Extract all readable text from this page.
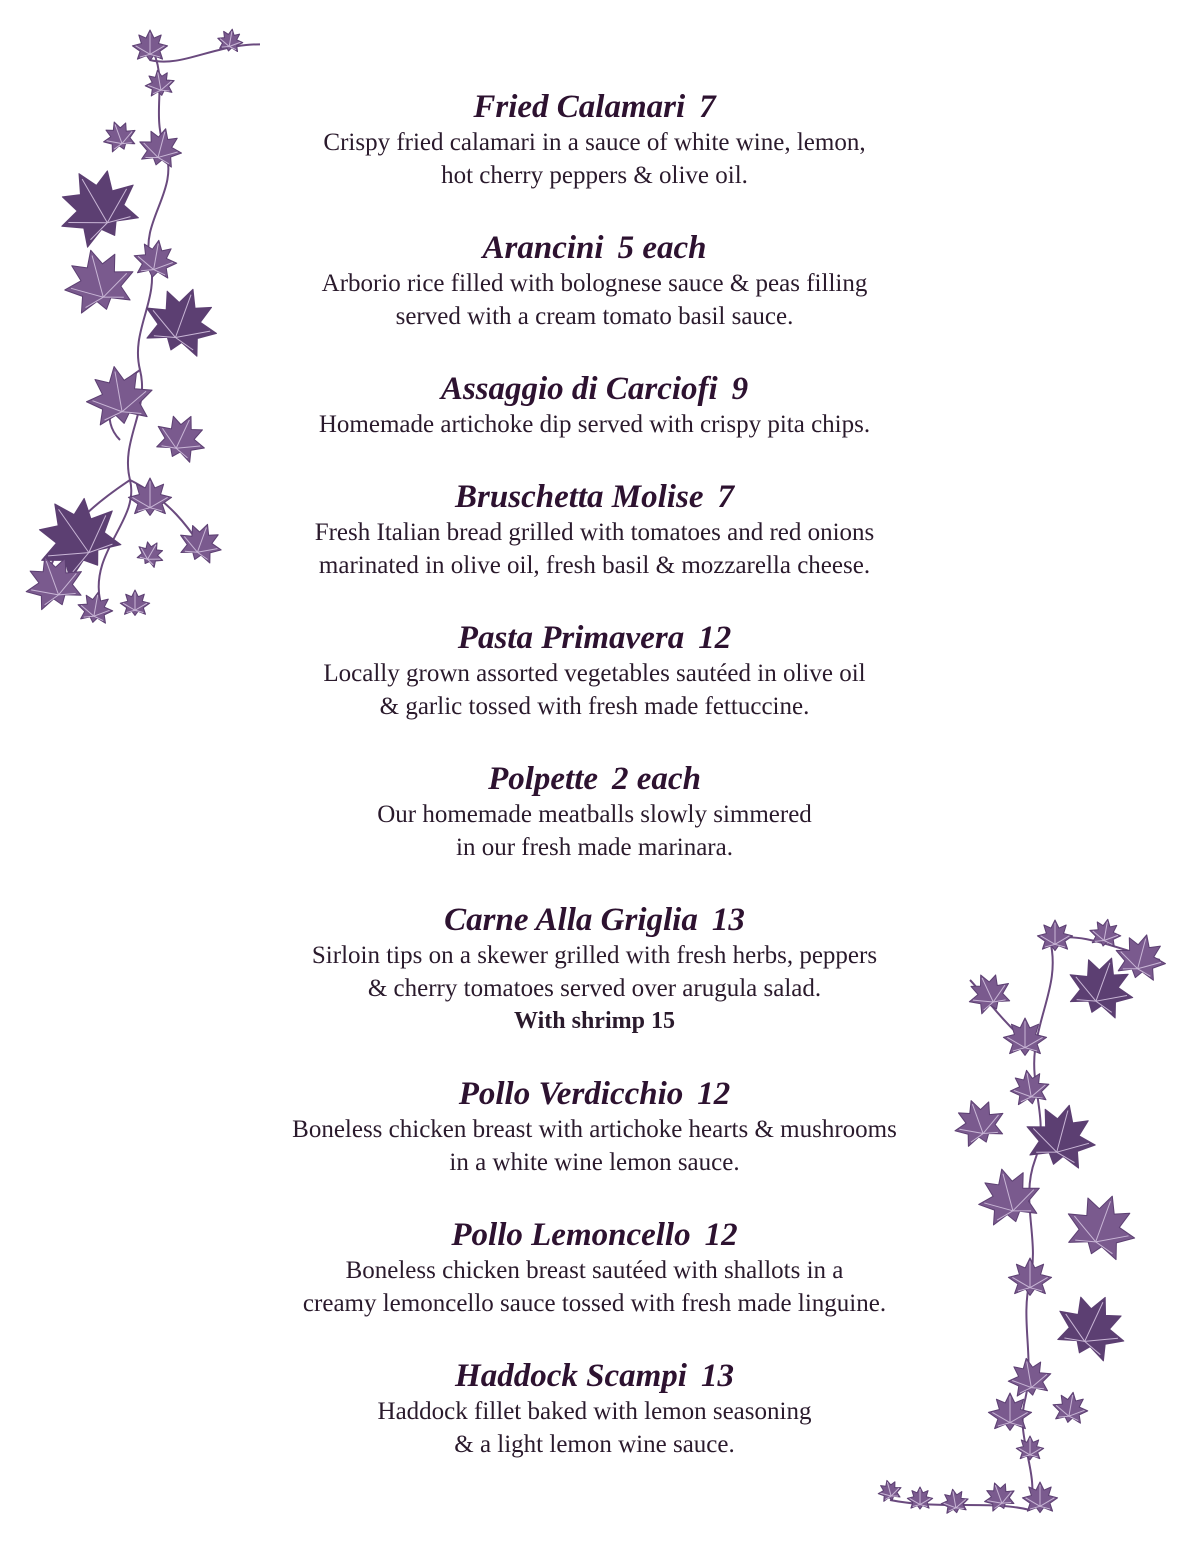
Fried Calamari 7
Crispy fried calamari in a sauce of white wine, lemon,
hot cherry peppers & olive oil.
Arancini 5 each
Arborio rice filled with bolognese sauce & peas filling
served with a cream tomato basil sauce.
Assaggio di Carciofi 9
Homemade artichoke dip served with crispy pita chips.
Bruschetta Molise 7
Fresh Italian bread grilled with tomatoes and red onions
marinated in olive oil, fresh basil & mozzarella cheese.
Pasta Primavera 12
Locally grown assorted vegetables sautéed in olive oil
& garlic tossed with fresh made fettuccine.
Polpette 2 each
Our homemade meatballs slowly simmered
in our fresh made marinara.
Carne Alla Griglia 13
Sirloin tips on a skewer grilled with fresh herbs, peppers
& cherry tomatoes served over arugula salad.
With shrimp 15
Pollo Verdicchio 12
Boneless chicken breast with artichoke hearts & mushrooms
in a white wine lemon sauce.
Pollo Lemoncello 12
Boneless chicken breast sautéed with shallots in a
creamy lemoncello sauce tossed with fresh made linguine.
Haddock Scampi 13
Haddock fillet baked with lemon seasoning
& a light lemon wine sauce.
